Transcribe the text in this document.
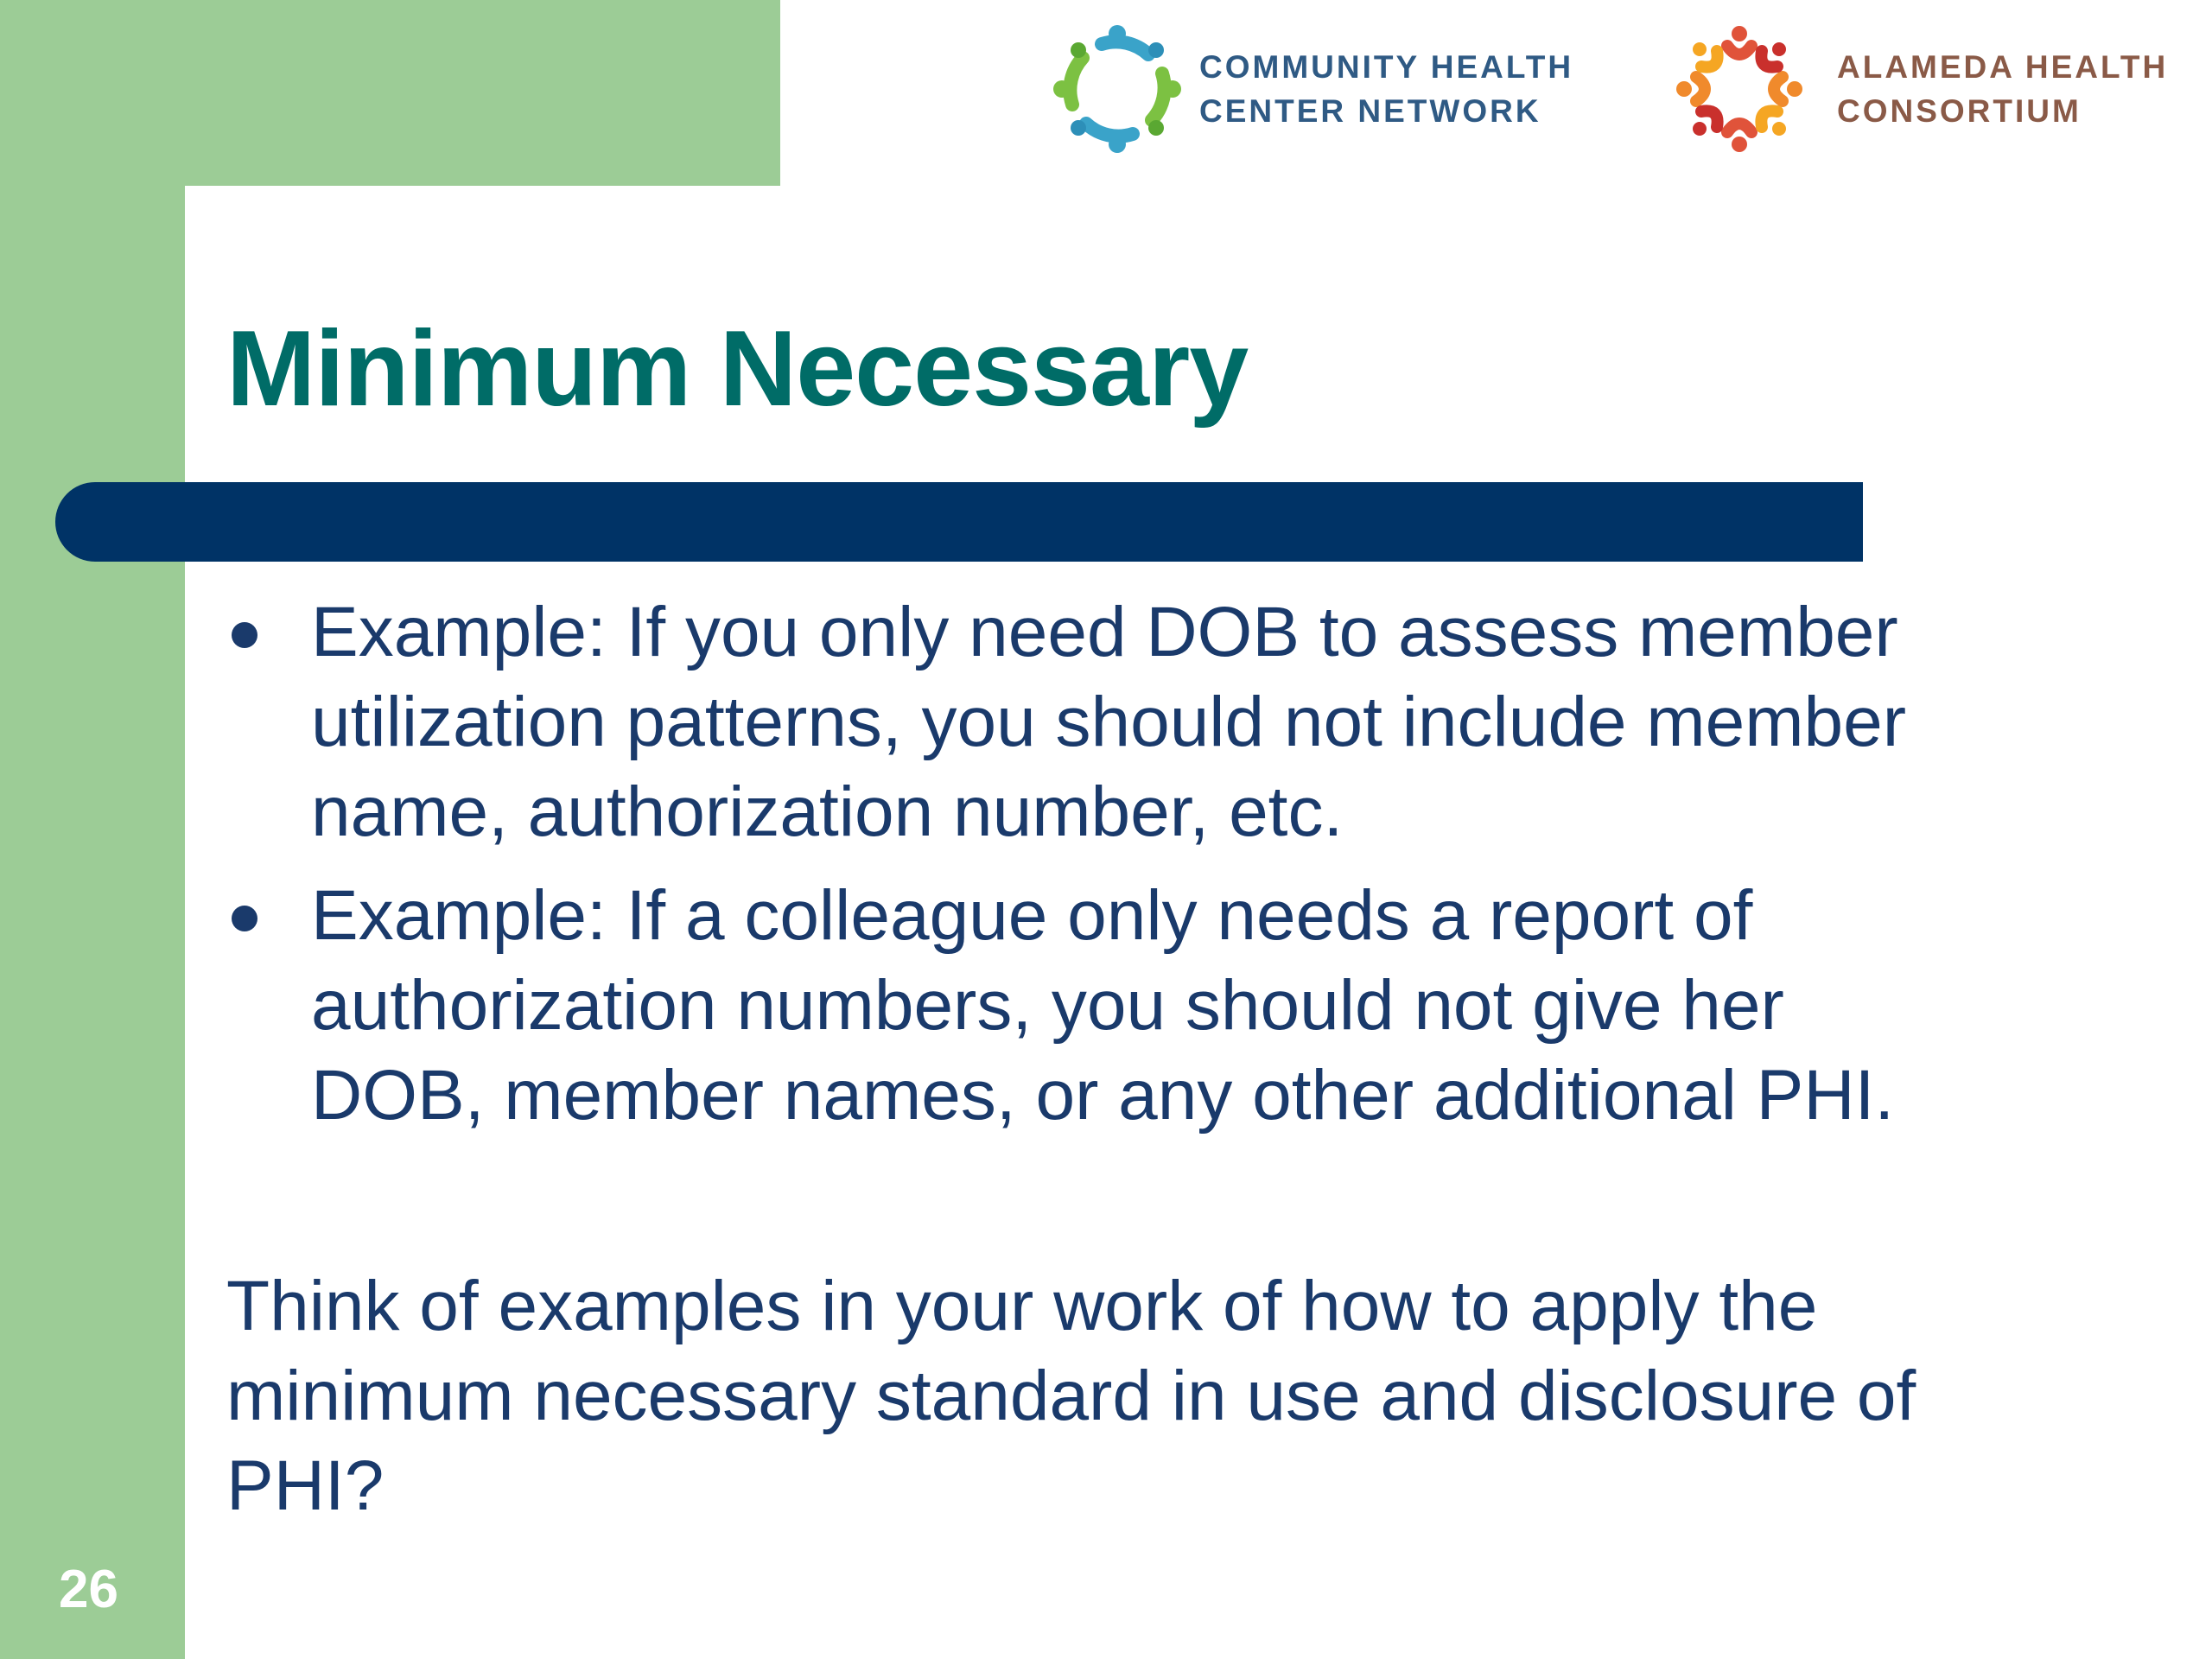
COMMUNITY HEALTH
CENTER NETWORK
ALAMEDA HEALTH
CONSORTIUM
Minimum Necessary
Example: If you only need DOB to assess member
utilization patterns, you should not include member
name, authorization number, etc.
Example: If a colleague only needs a report of
authorization numbers, you should not give her
DOB, member names, or any other additional PHI.
Think of examples in your work of how to apply the
minimum necessary standard in use and disclosure of
PHI?
26
